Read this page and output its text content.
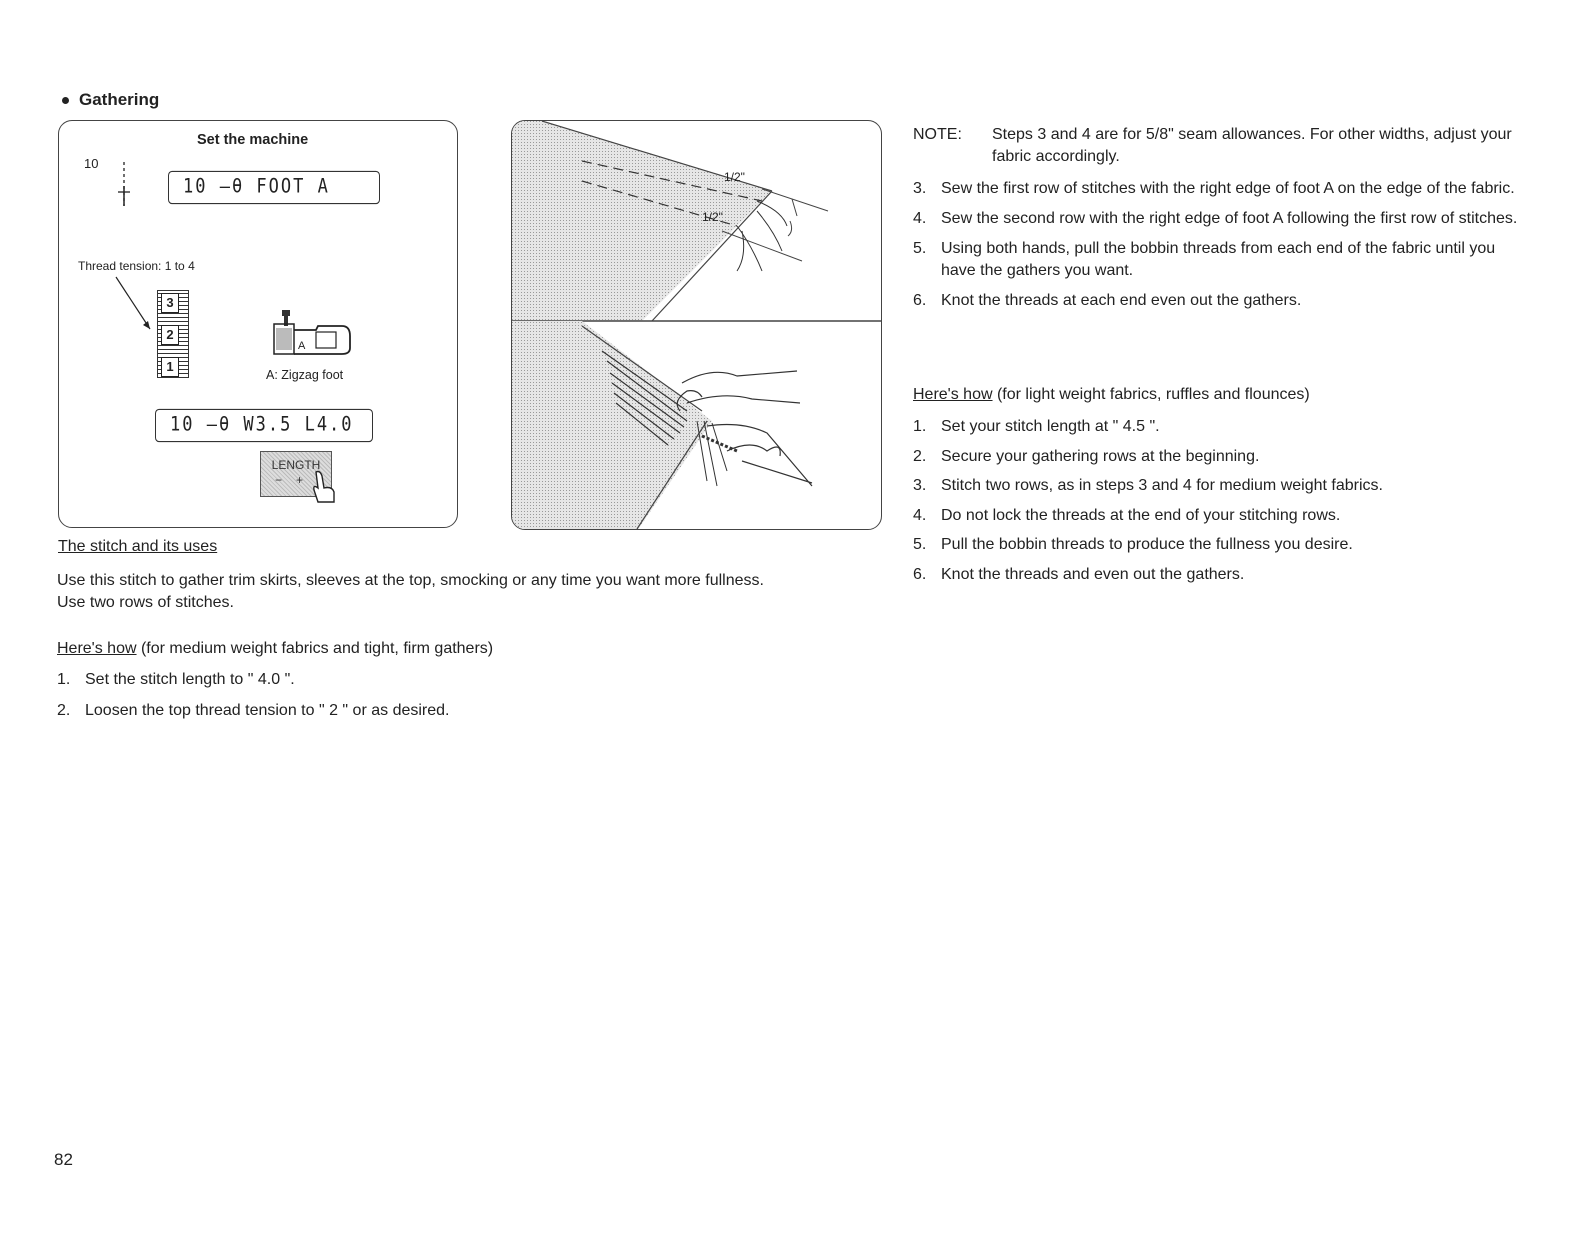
Gathering
Set the machine
10
10 —θ FOOT A
Thread tension: 1 to 4
3
2
1
A
A: Zigzag foot
10 —θ W3.5 L4.0
LENGTH
−+
1/2"
1/2"
The stitch and its uses
Use this stitch to gather trim skirts, sleeves at the top, smocking or any time you want more fullness.
Use two rows of stitches.
Here's how (for medium weight fabrics and tight, firm gathers)
1. Set the stitch length to " 4.0 ".
2. Loosen the top thread tension to " 2 " or as desired.
NOTE: Steps 3 and 4 are for 5/8" seam allowances. For other widths, adjust your fabric accordingly.
3. Sew the first row of stitches with the right edge of foot A on the edge of the fabric.
4. Sew the second row with the right edge of foot A following the first row of stitches.
5. Using both hands, pull the bobbin threads from each end of the fabric until you have the gathers you want.
6. Knot the threads at each end even out the gathers.
Here's how (for light weight fabrics, ruffles and flounces)
1. Set your stitch length at " 4.5 ".
2. Secure your gathering rows at the beginning.
3. Stitch two rows, as in steps 3 and 4 for medium weight fabrics.
4. Do not lock the threads at the end of your stitching rows.
5. Pull the bobbin threads to produce the fullness you desire.
6. Knot the threads and even out the gathers.
82
